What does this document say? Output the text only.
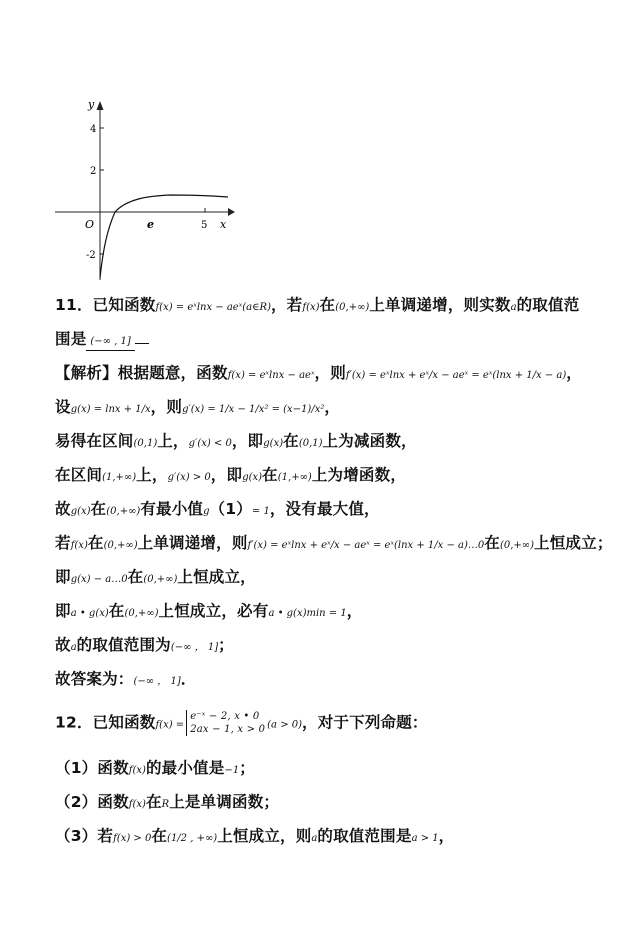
y
4
2
-2
O	e	5 x
11．已知函数f(x) = eˣlnx − aeˣ(a∈R)，若f(x)在(0,+∞)上单调递增，则实数a的取值范
围是 (−∞ , 1]
【解析】根据题意，函数f(x) = eˣlnx − aeˣ，则f′(x) = eˣlnx + eˣ/x − aeˣ = eˣ(lnx + 1/x − a)，
设g(x) = lnx + 1/x，则g′(x) = 1/x − 1/x² = (x−1)/x²，
易得在区间(0,1)上，g′(x) < 0，即g(x)在(0,1)上为减函数，
在区间(1,+∞)上，g′(x) > 0，即g(x)在(1,+∞)上为增函数，
故g(x)在(0,+∞)有最小值g（1）= 1，没有最大值，
若f(x)在(0,+∞)上单调递增，则f′(x) = eˣlnx + eˣ/x − aeˣ = eˣ(lnx + 1/x − a)…0在(0,+∞)上恒成立；
即g(x) − a…0在(0,+∞)上恒成立，
即a • g(x)在(0,+∞)上恒成立，必有a • g(x)min = 1，
故a的取值范围为(−∞ ， 1]；
故答案为：(−∞ ， 1]．
12．已知函数f(x) =
e⁻ˣ − 2, x • 0
2ax − 1, x > 0 (a > 0)，对于下列命题：
（1）函数f(x)的最小值是−1；
（2）函数f(x)在R上是单调函数；
（3）若f(x) > 0在(1/2 , +∞)上恒成立，则a的取值范围是a > 1，
